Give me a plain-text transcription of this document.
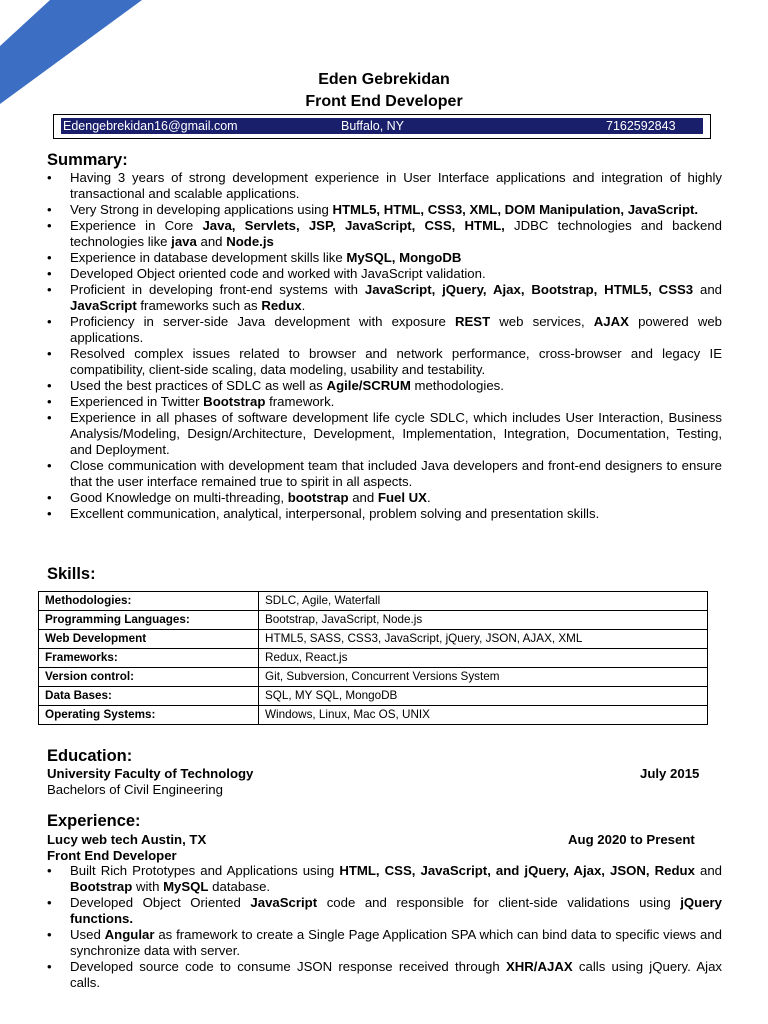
Eden Gebrekidan
Front End Developer
Edengebrekidan16@gmail.com	Buffalo, NY	7162592843
Summary:
• Having 3 years of strong development experience in User Interface applications and integration of highly transactional and scalable applications.
• Very Strong in developing applications using HTML5, HTML, CSS3, XML, DOM Manipulation, JavaScript.
• Experience in Core Java, Servlets, JSP, JavaScript, CSS, HTML, JDBC technologies and backend technologies like java and Node.js
• Experience in database development skills like MySQL, MongoDB
• Developed Object oriented code and worked with JavaScript validation.
• Proficient in developing front-end systems with JavaScript, jQuery, Ajax, Bootstrap, HTML5, CSS3 and JavaScript frameworks such as Redux.
• Proficiency in server-side Java development with exposure REST web services, AJAX powered web applications.
• Resolved complex issues related to browser and network performance, cross-browser and legacy IE compatibility, client-side scaling, data modeling, usability and testability.
• Used the best practices of SDLC as well as Agile/SCRUM methodologies.
• Experienced in Twitter Bootstrap framework.
• Experience in all phases of software development life cycle SDLC, which includes User Interaction, Business Analysis/Modeling, Design/Architecture, Development, Implementation, Integration, Documentation, Testing, and Deployment.
• Close communication with development team that included Java developers and front-end designers to ensure that the user interface remained true to spirit in all aspects.
• Good Knowledge on multi-threading, bootstrap and Fuel UX.
• Excellent communication, analytical, interpersonal, problem solving and presentation skills.
Skills:
Methodologies:	SDLC, Agile, Waterfall
Programming Languages:	Bootstrap, JavaScript, Node.js
Web Development	HTML5, SASS, CSS3, JavaScript, jQuery, JSON, AJAX, XML
Frameworks:	Redux, React.js
Version control:	Git, Subversion, Concurrent Versions System
Data Bases:	SQL, MY SQL, MongoDB
Operating Systems:	Windows, Linux, Mac OS, UNIX
Education:
University Faculty of Technology	July 2015
Bachelors of Civil Engineering
Experience:
Lucy web tech Austin, TX	Aug 2020 to Present
Front End Developer
• Built Rich Prototypes and Applications using HTML, CSS, JavaScript, and jQuery, Ajax, JSON, Redux and Bootstrap with MySQL database.
• Developed Object Oriented JavaScript code and responsible for client-side validations using jQuery functions.
• Used Angular as framework to create a Single Page Application SPA which can bind data to specific views and synchronize data with server.
• Developed source code to consume JSON response received through XHR/AJAX calls using jQuery. Ajax calls.
